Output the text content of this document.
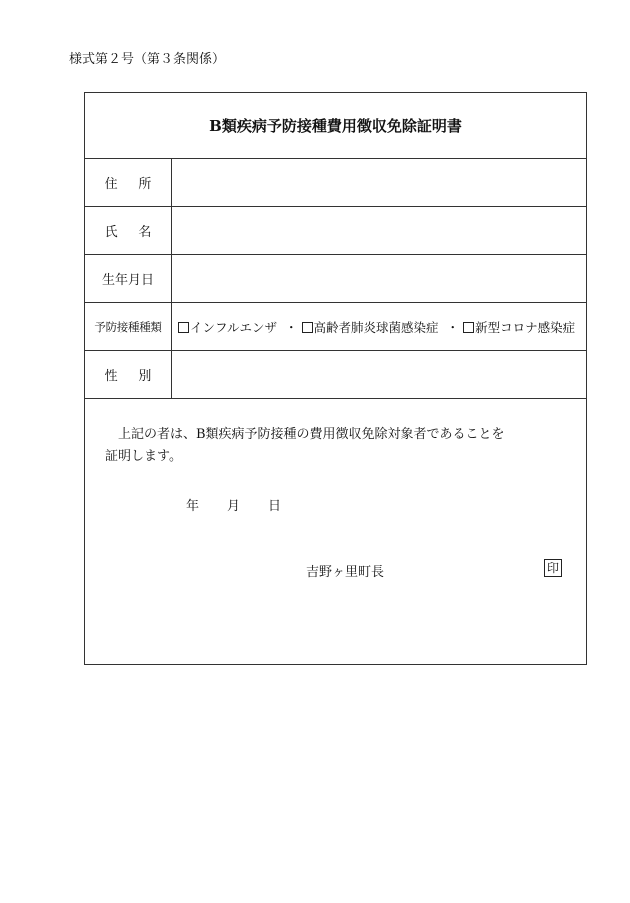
様式第２号（第３条関係）
B類疾病予防接種費用徴収免除証明書
住所
氏名
生年月日
予防接種種類	インフルエンザ ・	高齢者肺炎球菌感染症 ・	新型コロナ感染症
性別
 上記の者は、B類疾病予防接種の費用徴収免除対象者であることを
証明します。
年 月 日
吉野ヶ里町長	印
